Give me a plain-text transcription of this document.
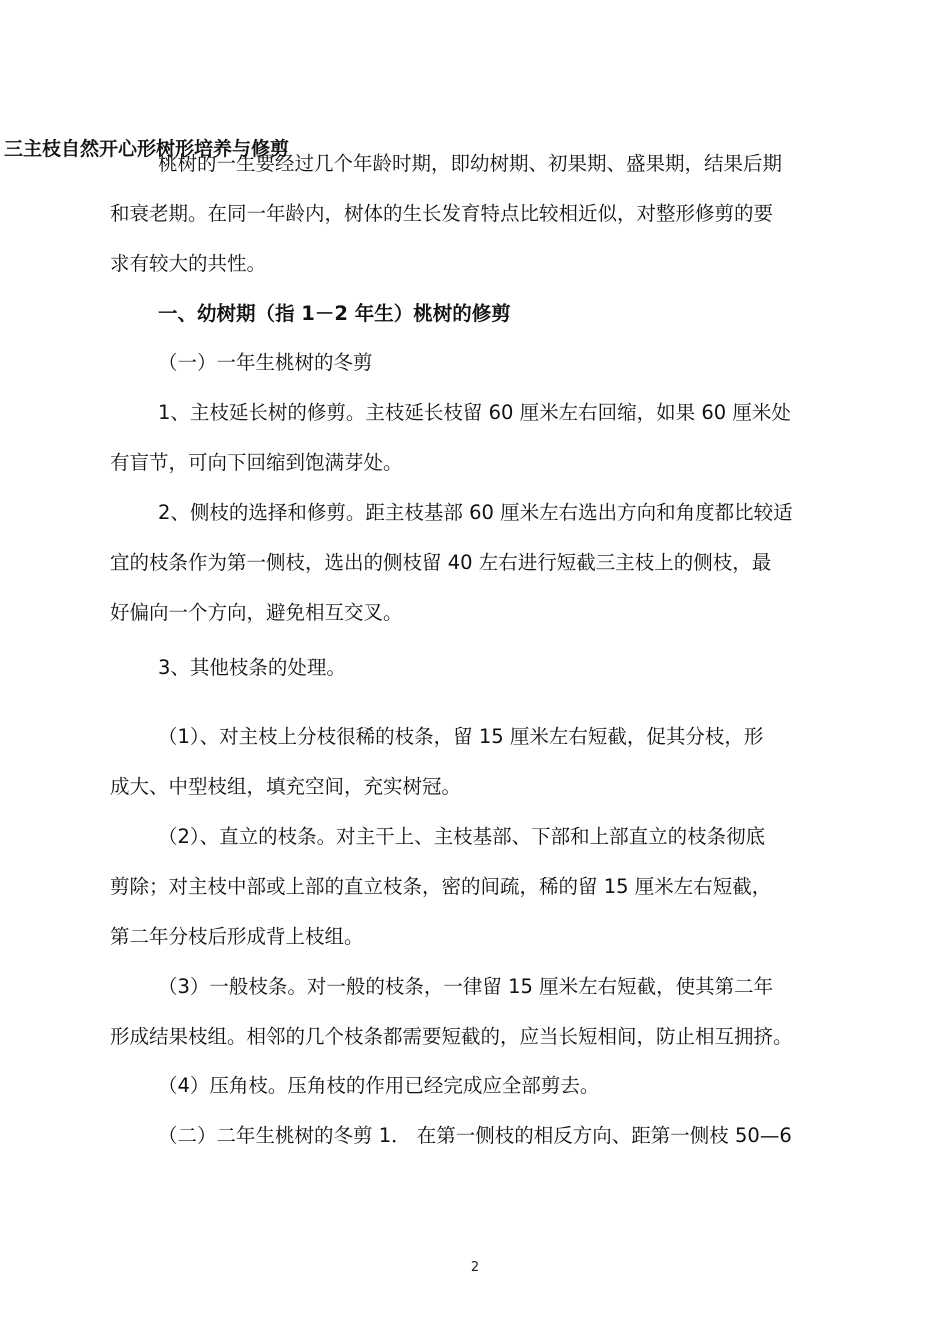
三主枝自然开心形树形培养与修剪
桃树的一生要经过几个年龄时期，即幼树期、初果期、盛果期，结果后期
和衰老期。在同一年龄内，树体的生长发育特点比较相近似，对整形修剪的要
求有较大的共性。
一、幼树期（指 1－2 年生）桃树的修剪
（一）一年生桃树的冬剪
1、主枝延长树的修剪。主枝延长枝留 60 厘米左右回缩，如果 60 厘米处
有盲节，可向下回缩到饱满芽处。
2、侧枝的选择和修剪。距主枝基部 60 厘米左右选出方向和角度都比较适
宜的枝条作为第一侧枝，选出的侧枝留 40 左右进行短截三主枝上的侧枝，最
好偏向一个方向，避免相互交叉。
3、其他枝条的处理。
（1）、对主枝上分枝很稀的枝条，留 15 厘米左右短截，促其分枝，形
成大、中型枝组，填充空间，充实树冠。
（2）、直立的枝条。对主干上、主枝基部、下部和上部直立的枝条彻底
剪除；对主枝中部或上部的直立枝条，密的间疏，稀的留 15 厘米左右短截，
第二年分枝后形成背上枝组。
（3）一般枝条。对一般的枝条，一律留 15 厘米左右短截，使其第二年
形成结果枝组。相邻的几个枝条都需要短截的，应当长短相间，防止相互拥挤。
（4）压角枝。压角枝的作用已经完成应全部剪去。
（二）二年生桃树的冬剪 1． 在第一侧枝的相反方向、距第一侧枝 50—6
2
